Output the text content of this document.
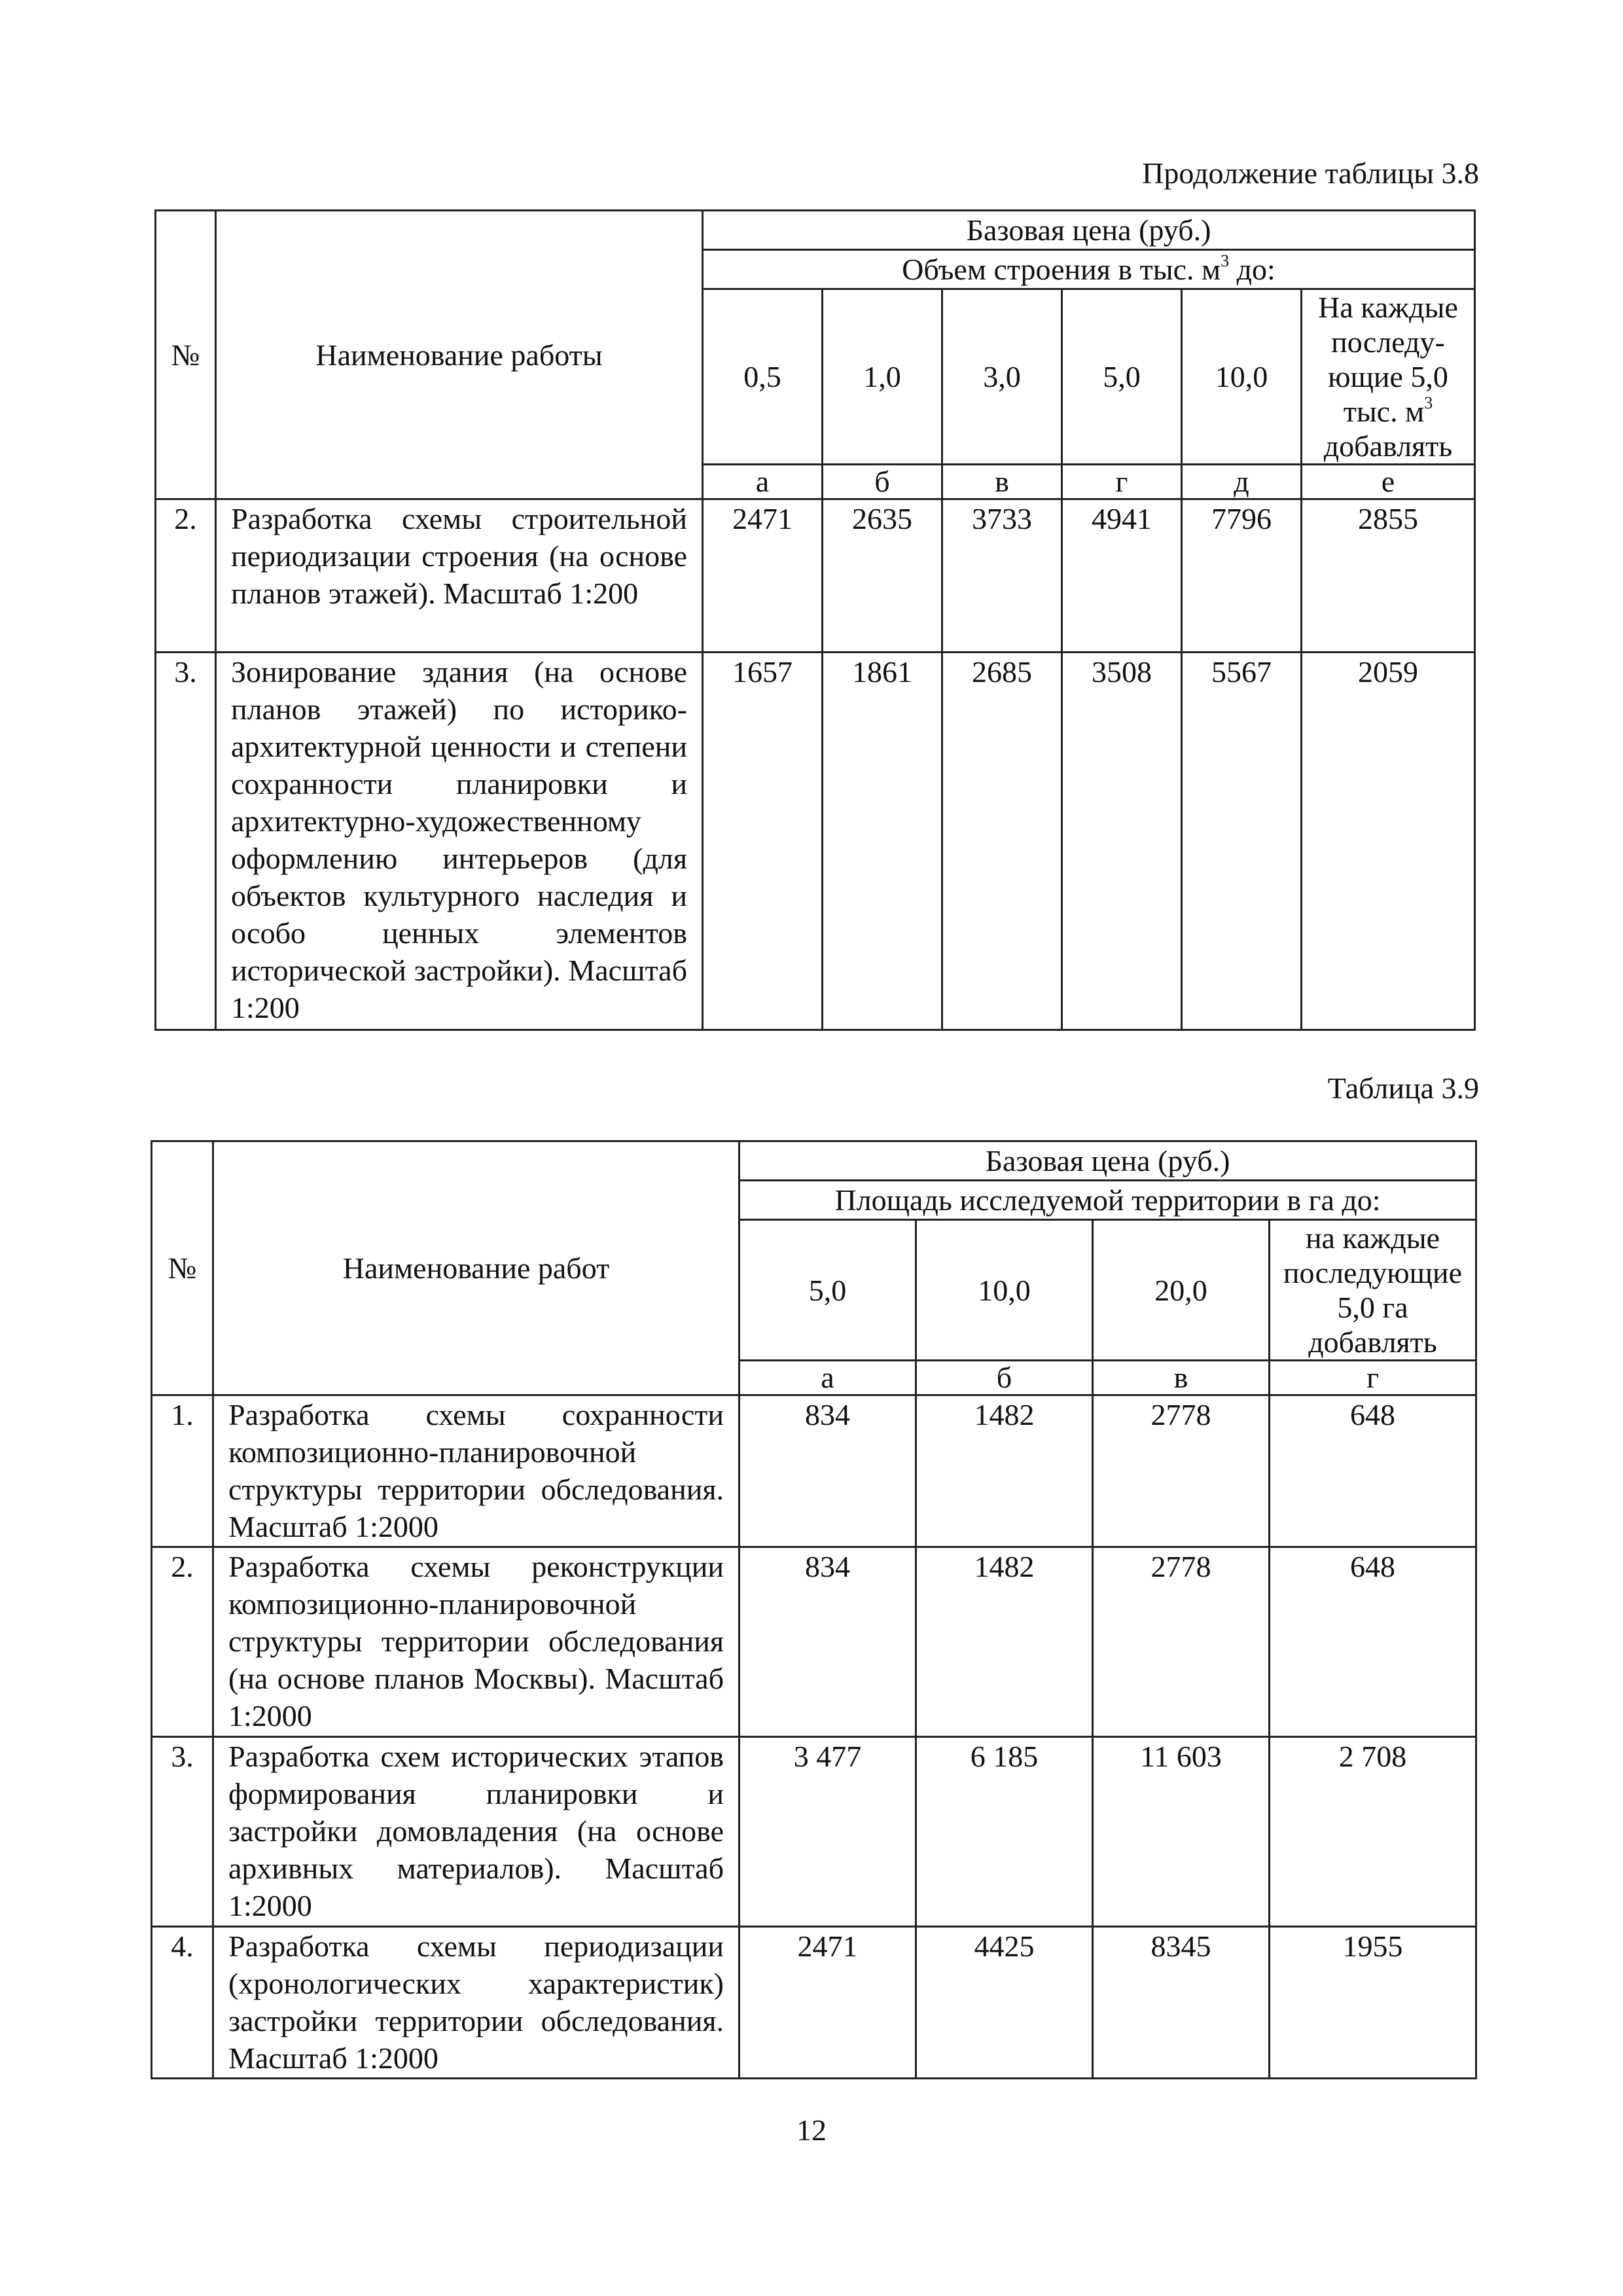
Продолжение таблицы 3.8
№	Наименование работы	Базовая цена (руб.)					
		Объем строения в тыс. $м^3$ до:					
		0,5	1,0	3,0	5,0	10,0	На каждые
последу-
ющие 5,0
тыс. $м^3$
добавлять

		а	б	в	г	д	е
2.	Разработка схемы строительной периодизации строения (на основе планов этажей). Масштаб 1:200	2471	2635	3733	4941	7796	2855
3.	Зонирование здания (на основе планов этажей) по историко-архитектурной ценности и степени сохранности планировки и архитектурно-художественному оформлению интерьеров (для объектов культурного наследия и особо ценных элементов исторической застройки). Масштаб 1:200	1657	1861	2685	3508	5567	2059
Таблица 3.9
№	Наименование работ	Базовая цена (руб.)			
		Площадь исследуемой территории в га до:			
		5,0	10,0	20,0	на каждые
последующие
5,0 га
добавлять

		а	б	в	г
1.	Разработка схемы сохранности композиционно-планировочной структуры территории обследования. Масштаб 1:2000	834	1482	2778	648
2.	Разработка схемы реконструкции композиционно-планировочной структуры территории обследования (на основе планов Москвы). Масштаб 1:2000	834	1482	2778	648
3.	Разработка схем исторических этапов формирования планировки и застройки домовладения (на основе архивных материалов). Масштаб 1:2000	3 477	6 185	11 603	2 708
4.	Разработка схемы периодизации (хронологических характеристик) застройки территории обследования. Масштаб 1:2000	2471	4425	8345	1955
12
